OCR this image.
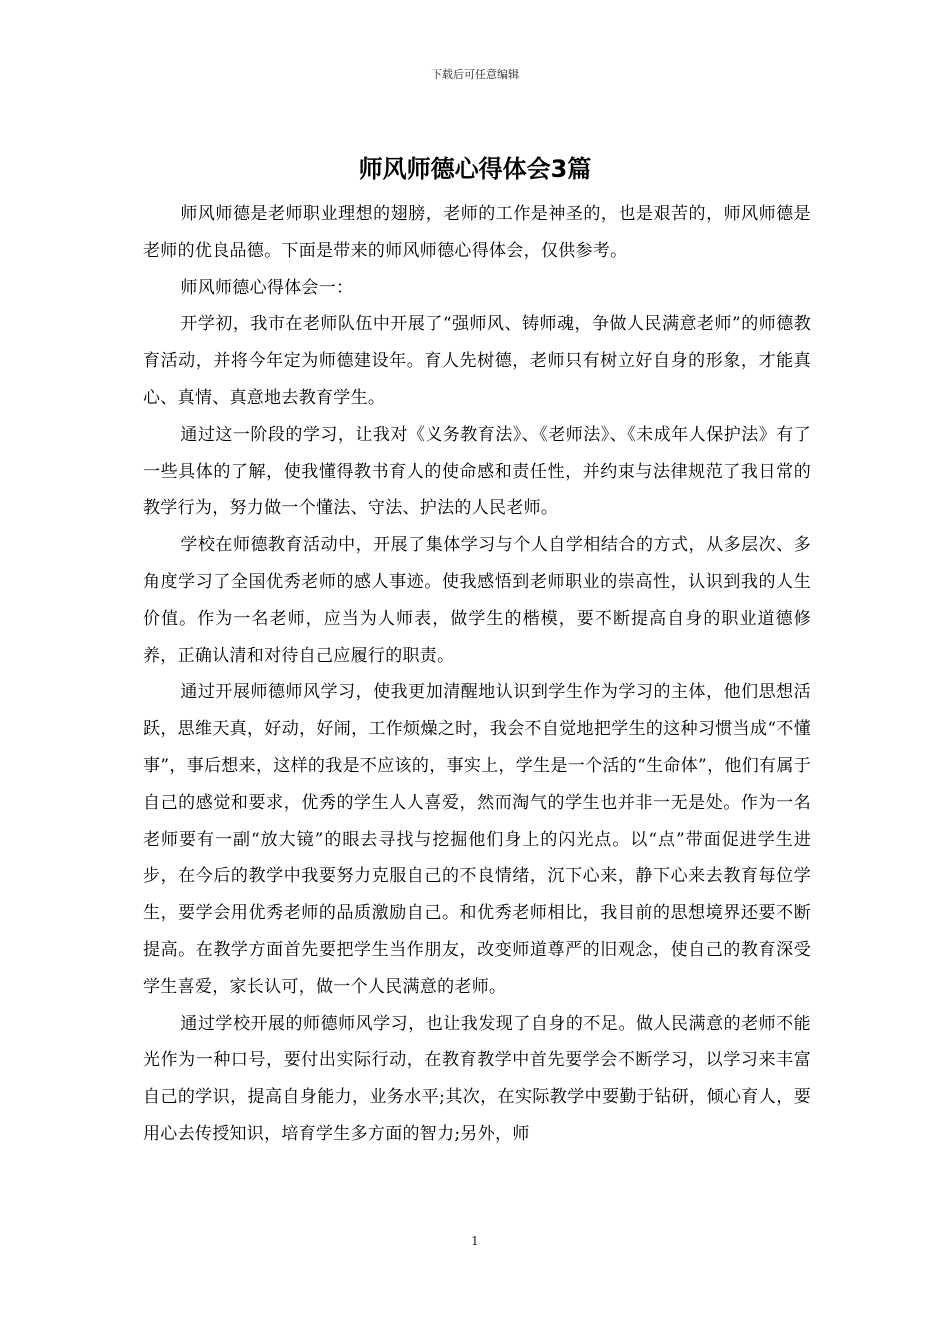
下载后可任意编辑
师风师德心得体会3篇

师风师德是老师职业理想的翅膀，老师的工作是神圣的，也是艰苦的，师风师德是老师的优良品德。下面是带来的师风师德心得体会，仅供参考。

师风师德心得体会一：

开学初，我市在老师队伍中开展了“强师风、铸师魂，争做人民满意老师”的师德教育活动，并将今年定为师德建设年。育人先树德，老师只有树立好自身的形象，才能真心、真情、真意地去教育学生。

通过这一阶段的学习，让我对《义务教育法》、《老师法》、《未成年人保护法》有了一些具体的了解，使我懂得教书育人的使命感和责任性，并约束与法律规范了我日常的教学行为，努力做一个懂法、守法、护法的人民老师。

学校在师德教育活动中，开展了集体学习与个人自学相结合的方式，从多层次、多角度学习了全国优秀老师的感人事迹。使我感悟到老师职业的崇高性，认识到我的人生价值。作为一名老师，应当为人师表，做学生的楷模，要不断提高自身的职业道德修养，正确认清和对待自己应履行的职责。

通过开展师德师风学习，使我更加清醒地认识到学生作为学习的主体，他们思想活跃，思维天真，好动，好闹，工作烦燥之时，我会不自觉地把学生的这种习惯当成“不懂事”，事后想来，这样的我是不应该的，事实上，学生是一个活的“生命体”，他们有属于自己的感觉和要求，优秀的学生人人喜爱，然而淘气的学生也并非一无是处。作为一名老师要有一副“放大镜”的眼去寻找与挖掘他们身上的闪光点。以“点”带面促进学生进步，在今后的教学中我要努力克服自己的不良情绪，沉下心来，静下心来去教育每位学生，要学会用优秀老师的品质激励自己。和优秀老师相比，我目前的思想境界还要不断提高。在教学方面首先要把学生当作朋友，改变师道尊严的旧观念，使自己的教育深受学生喜爱，家长认可，做一个人民满意的老师。

通过学校开展的师德师风学习，也让我发现了自身的不足。做人民满意的老师不能光作为一种口号，要付出实际行动，在教育教学中首先要学会不断学习，以学习来丰富自己的学识，提高自身能力，业务水平;其次，在实际教学中要勤于钻研，倾心育人，要用心去传授知识，培育学生多方面的智力;另外，师

1
